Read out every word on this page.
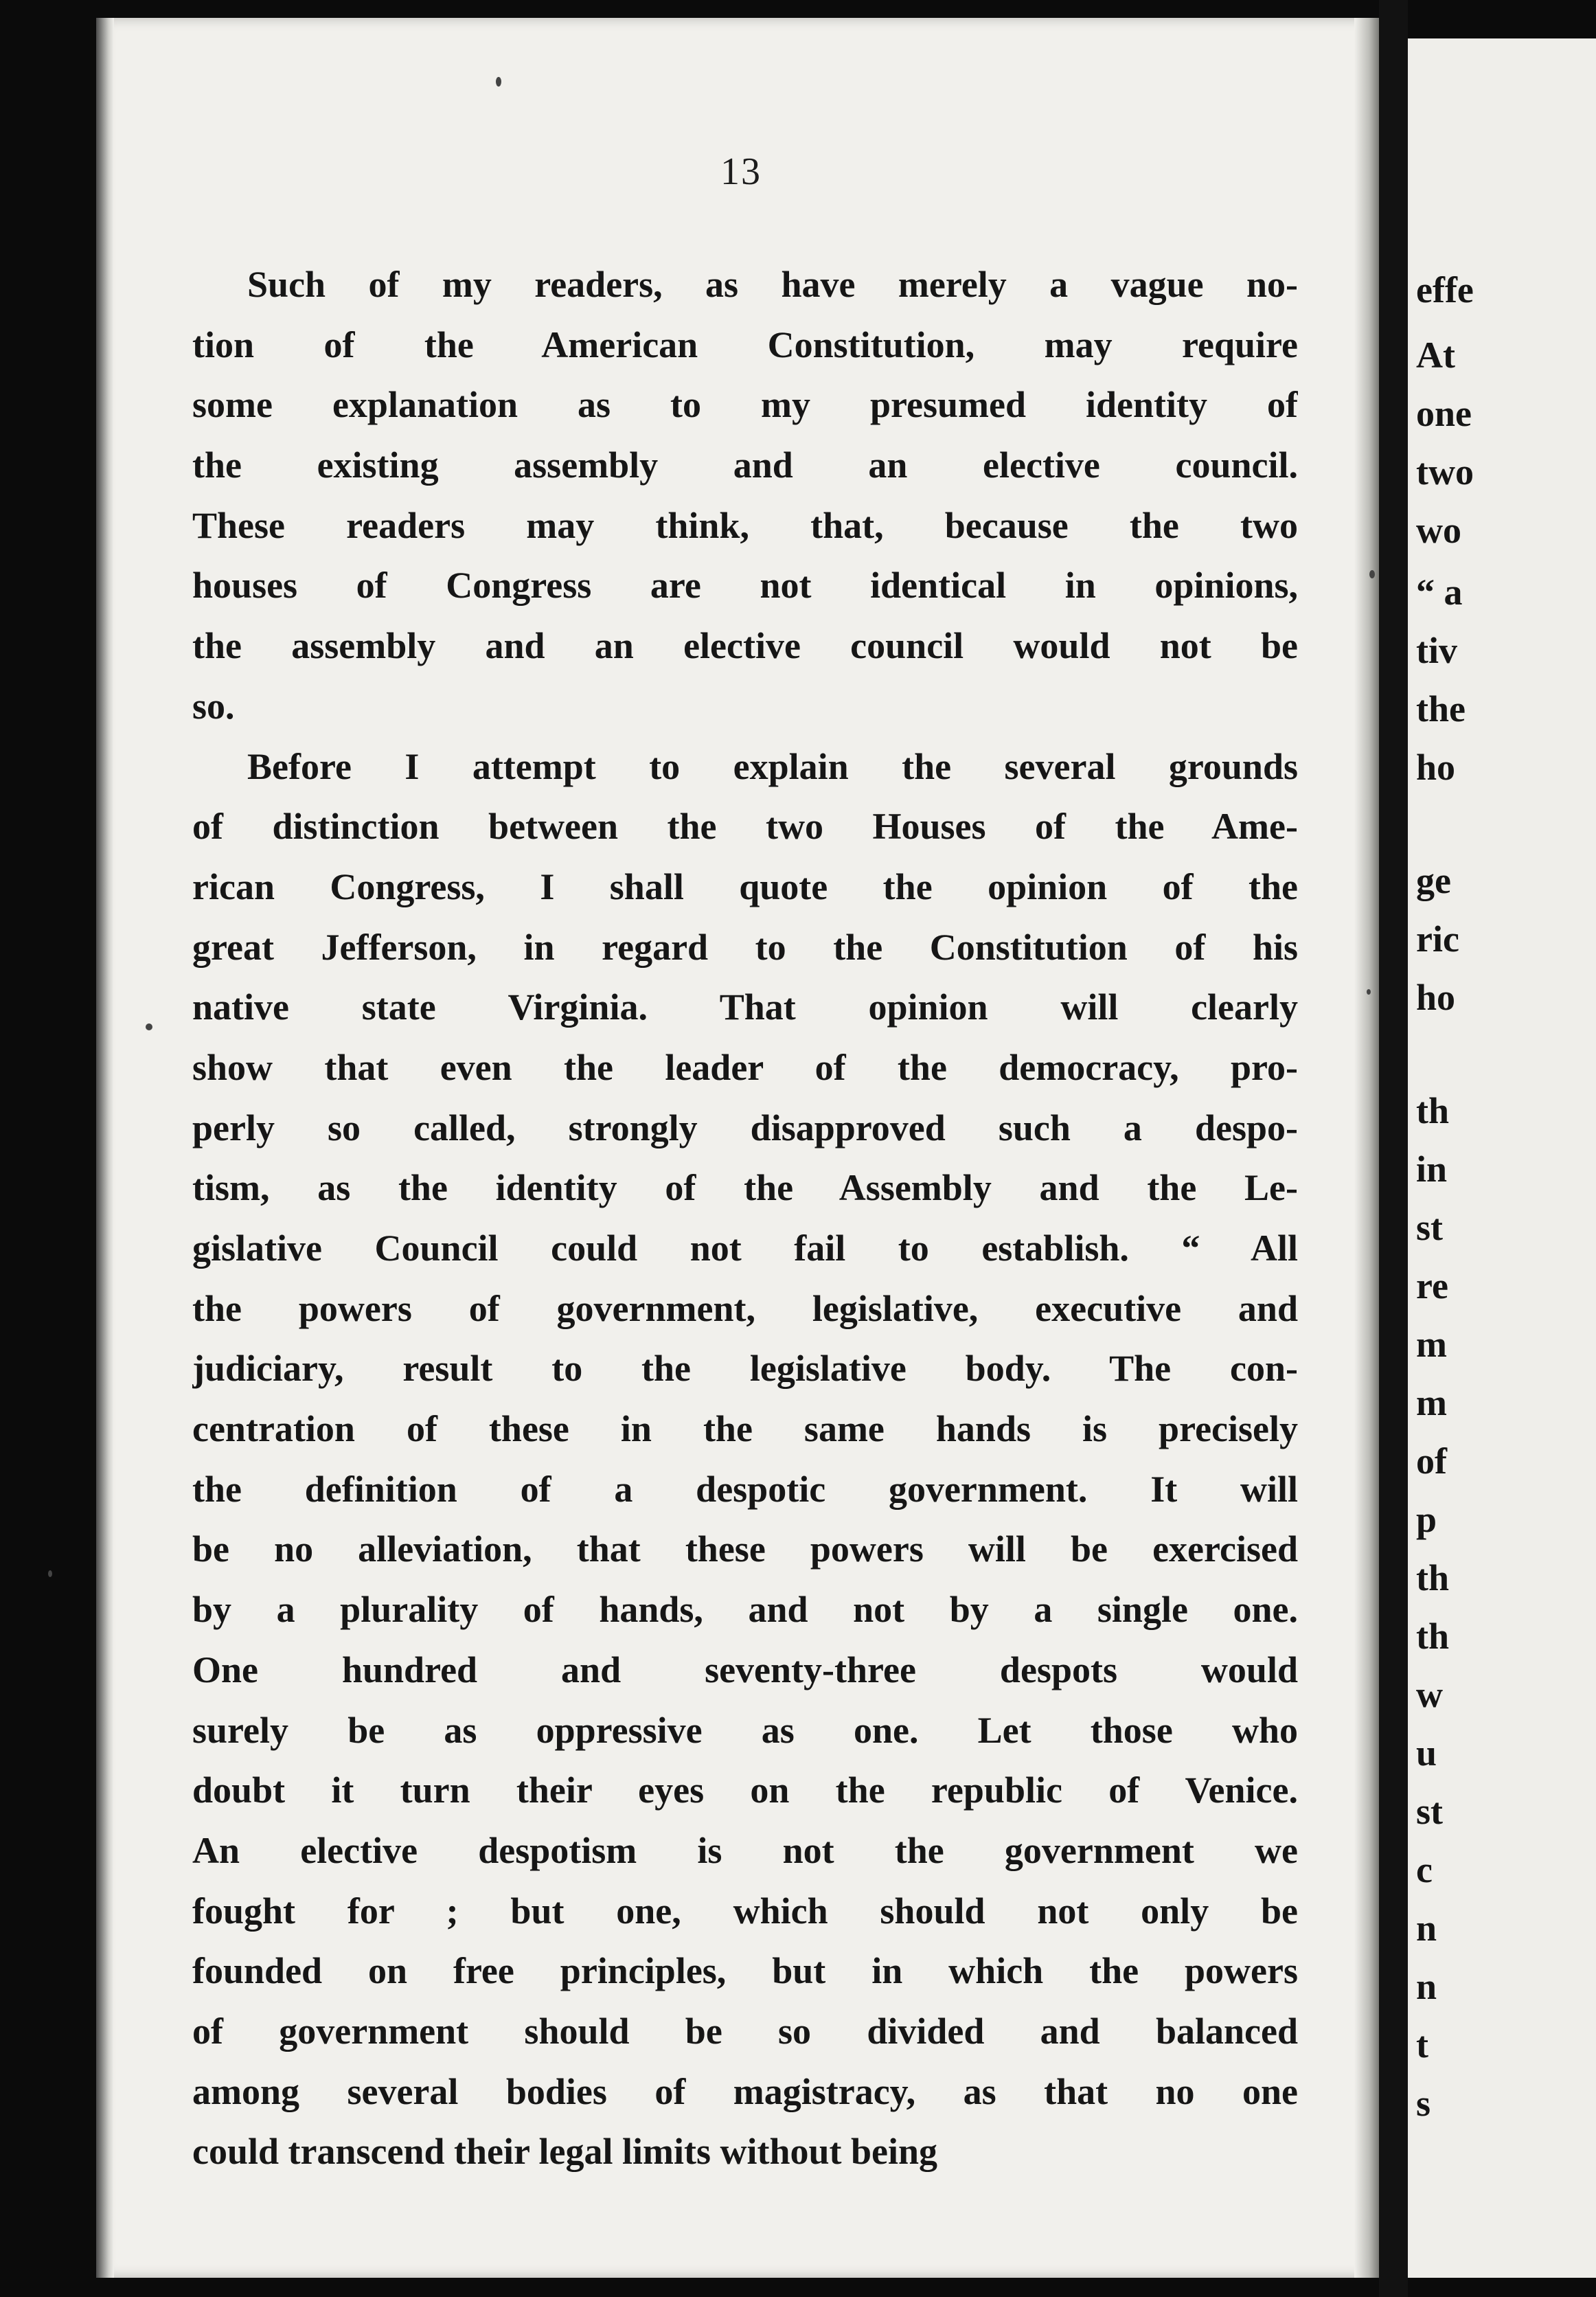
13
Such of my readers, as have merely a vague no-
tion of the American Constitution, may require
some explanation as to my presumed identity of
the existing assembly and an elective council.
These readers may think, that, because the two
houses of Congress are not identical in opinions,
the assembly and an elective council would not be
so.
Before I attempt to explain the several grounds
of distinction between the two Houses of the Ame-
rican Congress, I shall quote the opinion of the
great Jefferson, in regard to the Constitution of his
native state Virginia. That opinion will clearly
show that even the leader of the democracy, pro-
perly so called, strongly disapproved such a despo-
tism, as the identity of the Assembly and the Le-
gislative Council could not fail to establish. “ All
the powers of government, legislative, executive and
judiciary, result to the legislative body. The con-
centration of these in the same hands is precisely
the definition of a despotic government. It will
be no alleviation, that these powers will be exercised
by a plurality of hands, and not by a single one.
One hundred and seventy-three despots would
surely be as oppressive as one. Let those who
doubt it turn their eyes on the republic of Venice.
An elective despotism is not the government we
fought for ; but one, which should not only be
founded on free principles, but in which the powers
of government should be so divided and balanced
among several bodies of magistracy, as that no one
could transcend their legal limits without being
effe
At
one
two
wo
“ a
tiv
the
ho
ge
ric
ho
th
in
st
re
m
m
of
p
th
th
w
u
st
c
n
n
t
s
